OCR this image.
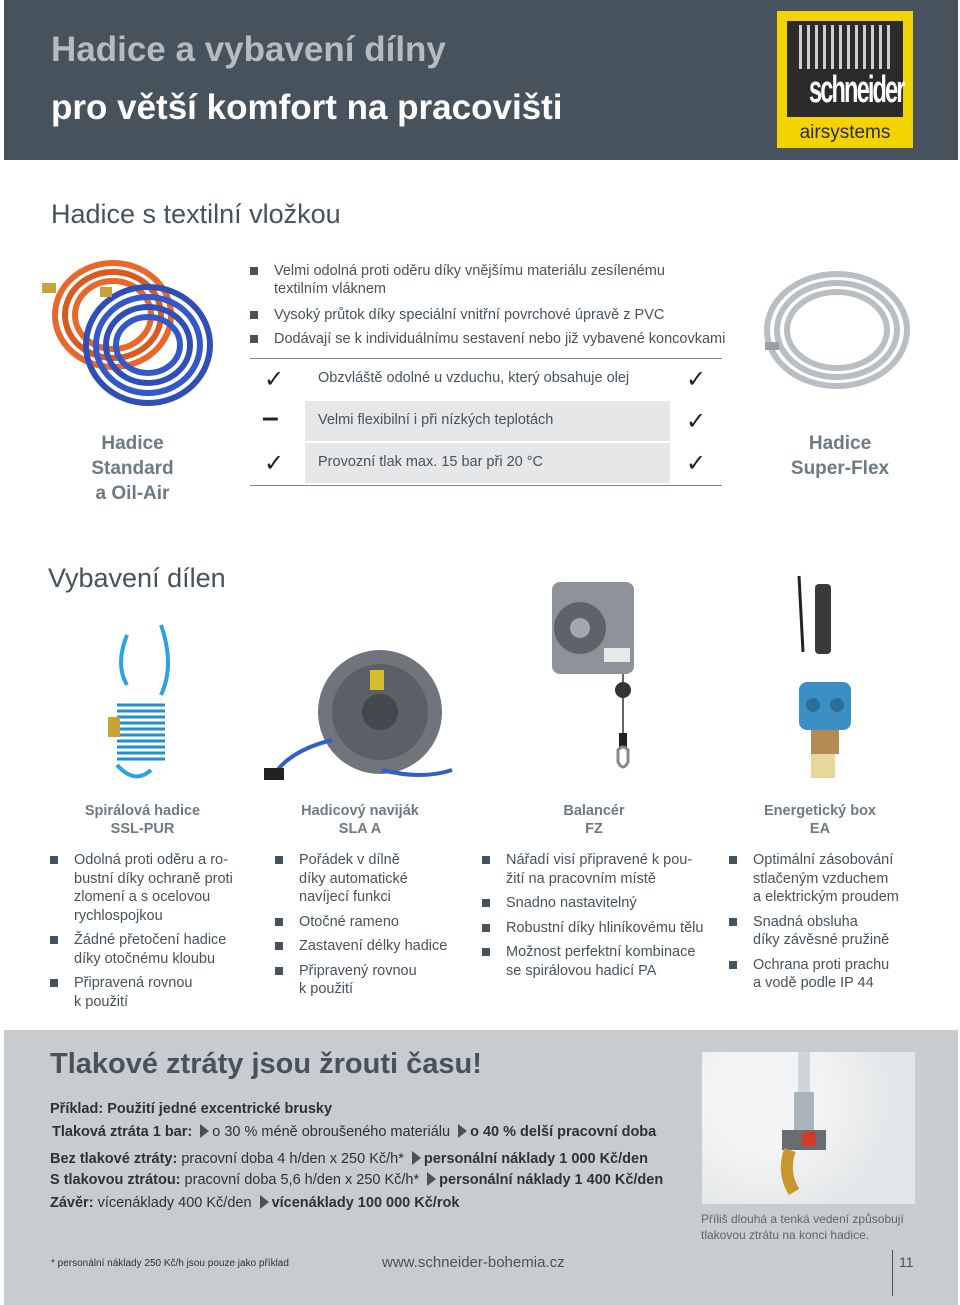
Hadice a vybavení dílny
pro větší komfort na pracovišti	schneider
airsystems
Hadice s textilní vložkou
Velmi odolná proti oděru díky vnějšímu materiálu zesílenému textilním vláknem
Vysoký průtok díky speciální vnitřní povrchové úpravě z PVC
Dodávají se k individuálnímu sestavení nebo již vybavené koncovkami
✓ Obzvláště odolné u vzduchu, který obsahuje olej ✓
–	Velmi flexibilní i při nízkých teplotách	✓
✓ Provozní tlak max. 15 bar při 20 °C	✓
Hadice
Standard
a Oil-Air
Hadice
Super-Flex
Vybavení dílen
Spirálová hadice
SSL-PUR
Hadicový naviják
SLA A
Balancér
FZ
Energetický box
EA
Odolná proti oděru a ro-
bustní díky ochraně proti
zlomení a s ocelovou
rychlospojkou
Žádné přetočení hadice
díky otočnému kloubu
Připravená rovnou
k použití
Pořádek v dílně
díky automatické
navíjecí funkci
Otočné rameno
Zastavení délky hadice
Připravený rovnou
k použití
Nářadí visí připravené k pou-
žití na pracovním místě
Snadno nastavitelný
Robustní díky hliníkovému tělu
Možnost perfektní kombinace
se spirálovou hadicí PA
Optimální zásobování
stlačeným vzduchem
a elektrickým proudem
Snadná obsluha
díky závěsné pružině
Ochrana proti prachu
a vodě podle IP 44
Tlakové ztráty jsou žrouti času!
Příklad: Použití jedné excentrické brusky
Tlaková ztráta 1 bar: o 30 % méně obroušeného materiálu o 40 % delší pracovní doba
Bez tlakové ztráty: pracovní doba 4 h/den x 250 Kč/h* personální náklady 1 000 Kč/den
S tlakovou ztrátou: pracovní doba 5,6 h/den x 250 Kč/h* personální náklady 1 400 Kč/den
Závěr: vícenáklady 400 Kč/den vícenáklady 100 000 Kč/rok
Příliš dlouhá a tenká vedení způsobují
tlakovou ztrátu na konci hadice.
* personální náklady 250 Kč/h jsou pouze jako příklad	www.schneider-bohemia.cz	11
